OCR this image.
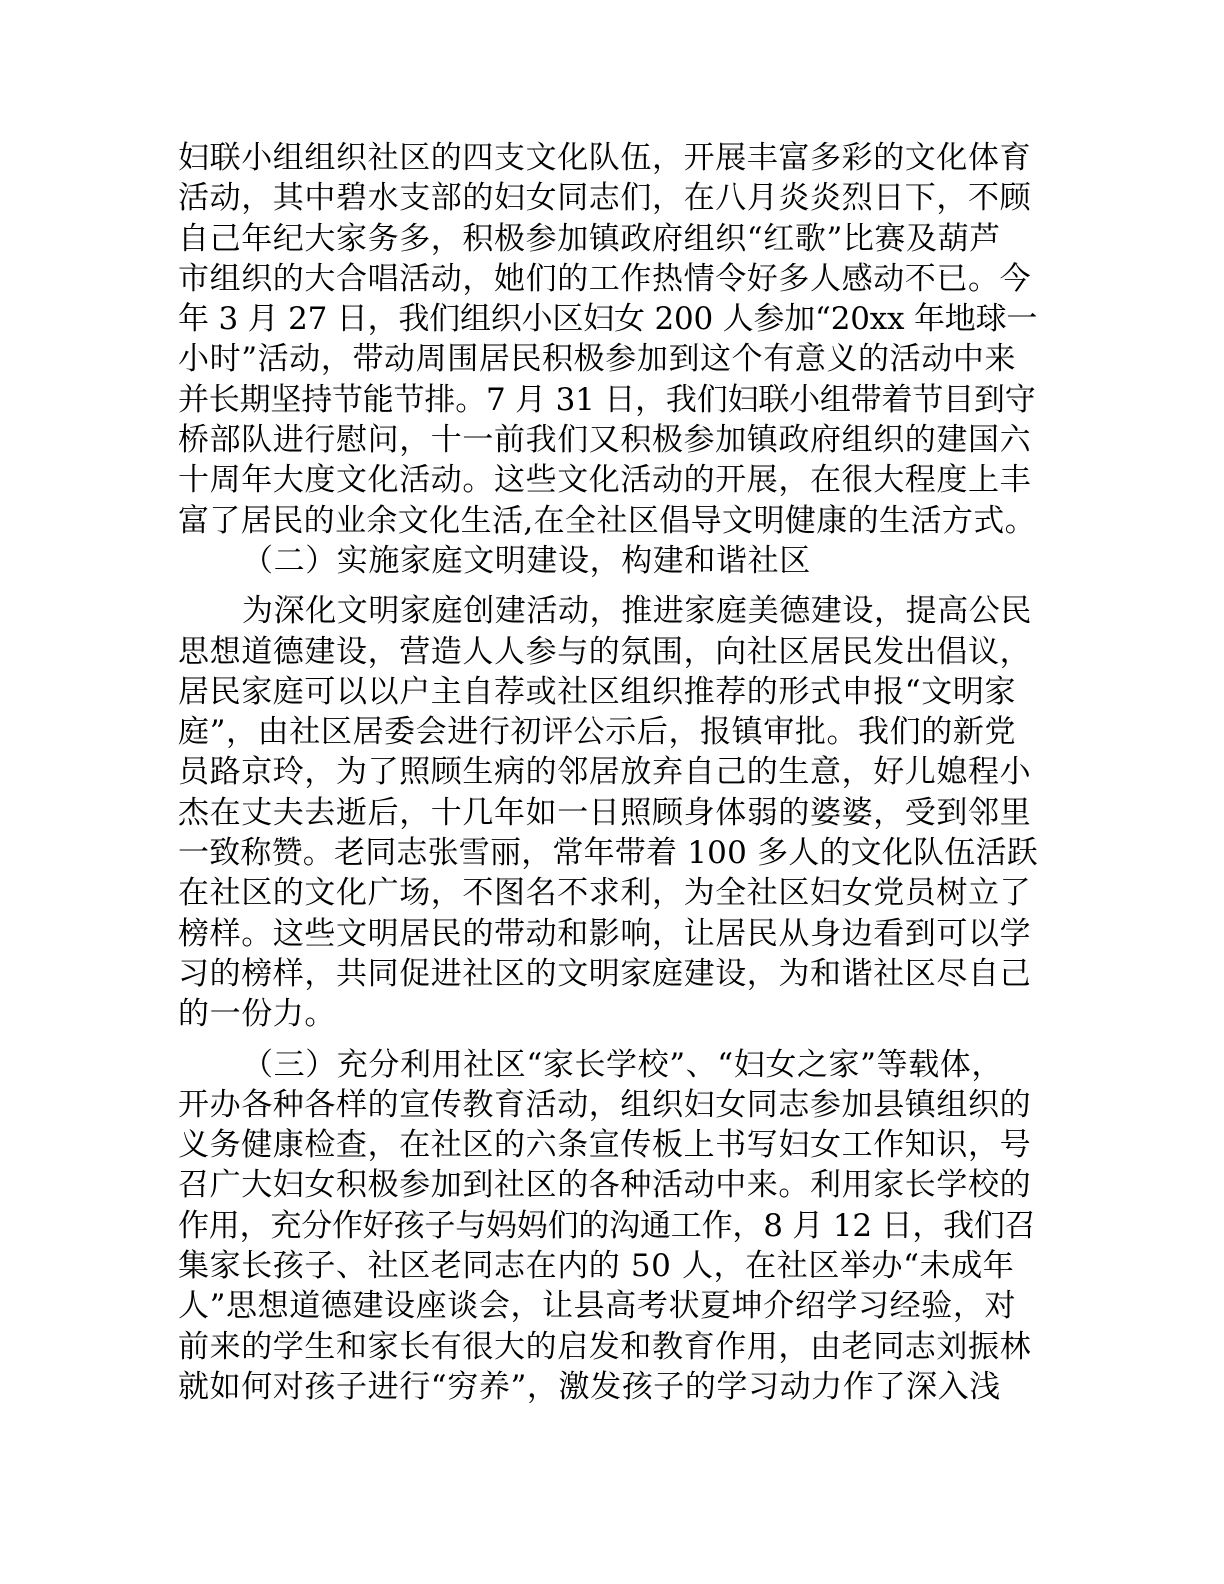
妇联小组组织社区的四支文化队伍，开展丰富多彩的文化体育
活动，其中碧水支部的妇女同志们，在八月炎炎烈日下，不顾
自己年纪大家务多，积极参加镇政府组织“红歌”比赛及葫芦
市组织的大合唱活动，她们的工作热情令好多人感动不已。今
年 3 月 27 日，我们组织小区妇女 200 人参加“20xx 年地球一
小时”活动，带动周围居民积极参加到这个有意义的活动中来
并长期坚持节能节排。7 月 31 日，我们妇联小组带着节目到守
桥部队进行慰问，十一前我们又积极参加镇政府组织的建国六
十周年大度文化活动。这些文化活动的开展，在很大程度上丰
富了居民的业余文化生活,在全社区倡导文明健康的生活方式。
（二）实施家庭文明建设，构建和谐社区
为深化文明家庭创建活动，推进家庭美德建设，提高公民
思想道德建设，营造人人参与的氛围，向社区居民发出倡议，
居民家庭可以以户主自荐或社区组织推荐的形式申报“文明家
庭”，由社区居委会进行初评公示后，报镇审批。我们的新党
员路京玲，为了照顾生病的邻居放弃自己的生意，好儿媳程小
杰在丈夫去逝后，十几年如一日照顾身体弱的婆婆，受到邻里
一致称赞。老同志张雪丽，常年带着 100 多人的文化队伍活跃
在社区的文化广场，不图名不求利，为全社区妇女党员树立了
榜样。这些文明居民的带动和影响，让居民从身边看到可以学
习的榜样，共同促进社区的文明家庭建设，为和谐社区尽自己
的一份力。
（三）充分利用社区“家长学校”、“妇女之家”等载体，
开办各种各样的宣传教育活动，组织妇女同志参加县镇组织的
义务健康检查，在社区的六条宣传板上书写妇女工作知识，号
召广大妇女积极参加到社区的各种活动中来。利用家长学校的
作用，充分作好孩子与妈妈们的沟通工作，8 月 12 日，我们召
集家长孩子、社区老同志在内的 50 人，在社区举办“未成年
人”思想道德建设座谈会，让县高考状夏坤介绍学习经验，对
前来的学生和家长有很大的启发和教育作用，由老同志刘振林
就如何对孩子进行“穷养”，激发孩子的学习动力作了深入浅
